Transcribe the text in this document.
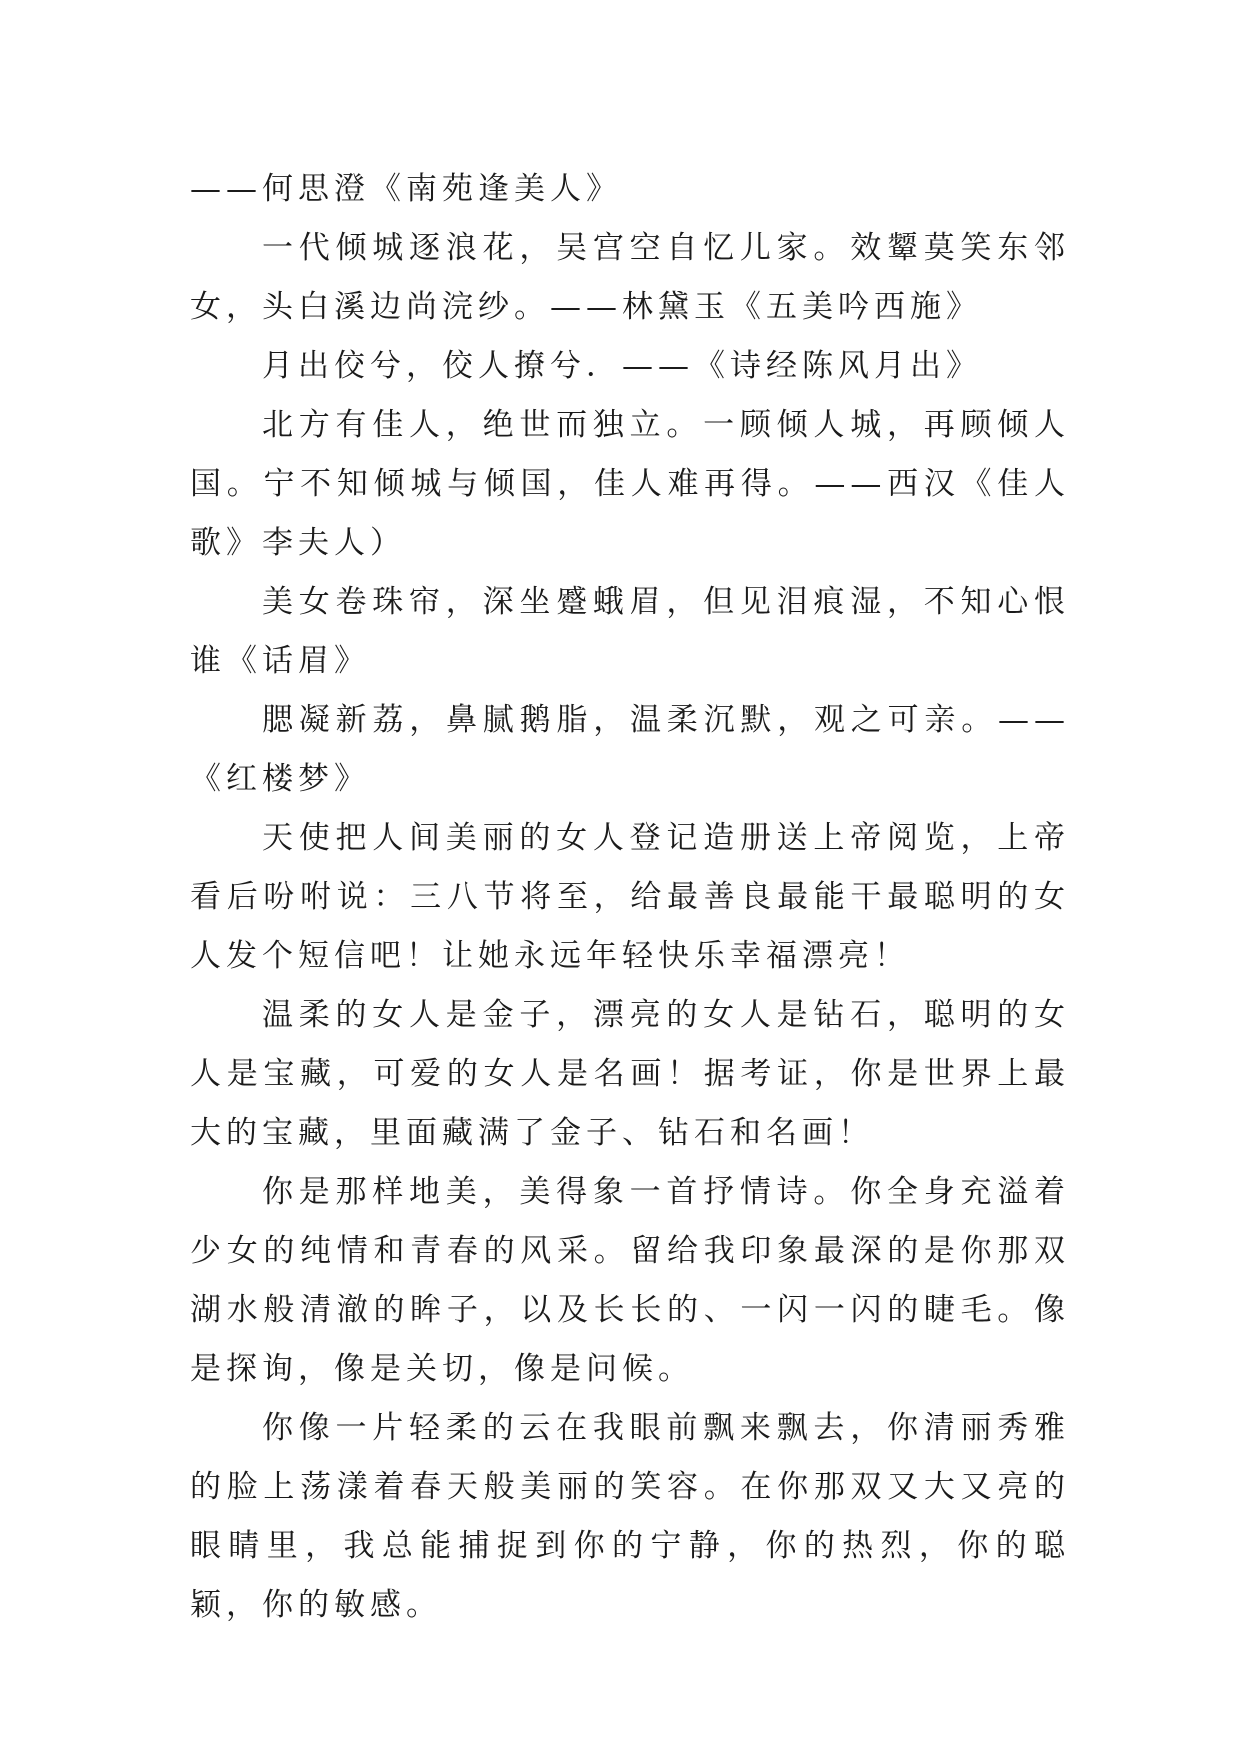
——何思澄《南苑逢美人》

一代倾城逐浪花，吴宫空自忆儿家。效颦莫笑东邻女，头白溪边尚浣纱。——林黛玉《五美吟西施》

月出佼兮，佼人撩兮．——《诗经陈风月出》

北方有佳人，绝世而独立。一顾倾人城，再顾倾人国。宁不知倾城与倾国，佳人难再得。——西汉《佳人歌》李夫人）

美女卷珠帘，深坐蹙蛾眉，但见泪痕湿，不知心恨谁《话眉》

腮凝新荔，鼻腻鹅脂，温柔沉默，观之可亲。——《红楼梦》

天使把人间美丽的女人登记造册送上帝阅览，上帝看后吩咐说：三八节将至，给最善良最能干最聪明的女人发个短信吧！让她永远年轻快乐幸福漂亮！

温柔的女人是金子，漂亮的女人是钻石，聪明的女人是宝藏，可爱的女人是名画！据考证，你是世界上最大的宝藏，里面藏满了金子、钻石和名画！

你是那样地美，美得象一首抒情诗。你全身充溢着少女的纯情和青春的风采。留给我印象最深的是你那双湖水般清澈的眸子，以及长长的、一闪一闪的睫毛。像是探询，像是关切，像是问候。

你像一片轻柔的云在我眼前飘来飘去，你清丽秀雅的脸上荡漾着春天般美丽的笑容。在你那双又大又亮的眼睛里，我总能捕捉到你的宁静，你的热烈，你的聪颖，你的敏感。
